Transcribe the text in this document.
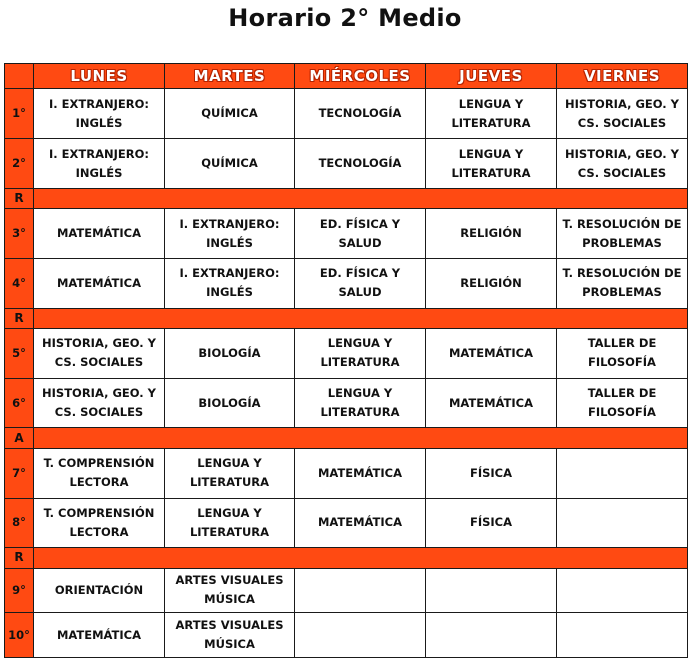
Horario 2° Medio
	LUNES	MARTES	MIÉRCOLES	JUEVES	VIERNES
1°	I. EXTRANJERO: INGLÉS	QUÍMICA	TECNOLOGÍA	LENGUA Y LITERATURA	HISTORIA, GEO. Y CS. SOCIALES
2°	I. EXTRANJERO: INGLÉS	QUÍMICA	TECNOLOGÍA	LENGUA Y LITERATURA	HISTORIA, GEO. Y CS. SOCIALES
R					
3°	MATEMÁTICA	I. EXTRANJERO: INGLÉS	ED. FÍSICA Y SALUD	RELIGIÓN	T. RESOLUCIÓN DE PROBLEMAS
4°	MATEMÁTICA	I. EXTRANJERO: INGLÉS	ED. FÍSICA Y SALUD	RELIGIÓN	T. RESOLUCIÓN DE PROBLEMAS
R					
5°	HISTORIA, GEO. Y CS. SOCIALES	BIOLOGÍA	LENGUA Y LITERATURA	MATEMÁTICA	TALLER DE FILOSOFÍA
6°	HISTORIA, GEO. Y CS. SOCIALES	BIOLOGÍA	LENGUA Y LITERATURA	MATEMÁTICA	TALLER DE FILOSOFÍA
A					
7°	T. COMPRENSIÓN LECTORA	LENGUA Y LITERATURA	MATEMÁTICA	FÍSICA	
8°	T. COMPRENSIÓN LECTORA	LENGUA Y LITERATURA	MATEMÁTICA	FÍSICA	
R					
9°	ORIENTACIÓN	ARTES VISUALES MÚSICA			
10°	MATEMÁTICA	ARTES VISUALES MÚSICA			
